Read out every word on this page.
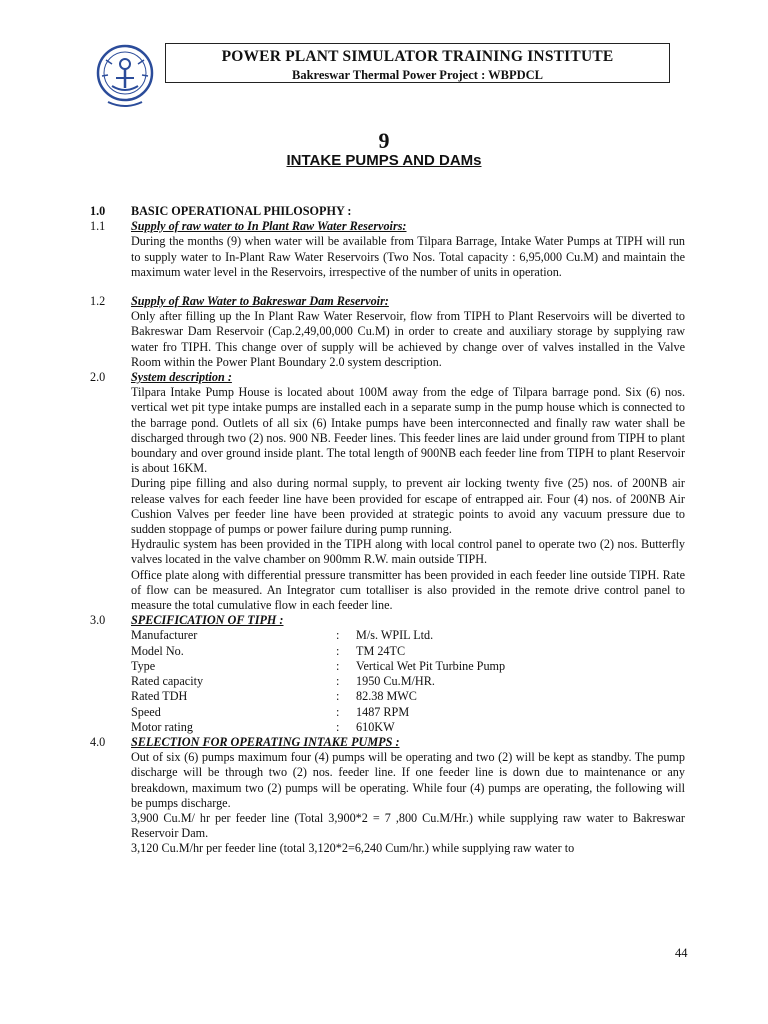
POWER PLANT SIMULATOR TRAINING INSTITUTE
Bakreswar Thermal Power Project : WBPDCL
9
INTAKE PUMPS AND DAMs
1.0	BASIC OPERATIONAL PHILOSOPHY :
1.1	Supply of raw water to In Plant Raw Water Reservoirs:
During the months (9) when water will be available from Tilpara Barrage, Intake Water Pumps at TIPH will run to supply water to In-Plant Raw Water Reservoirs (Two Nos. Total capacity : 6,95,000 Cu.M) and maintain the maximum water level in the Reservoirs, irrespective of the number of units in operation.
1.2	Supply of Raw Water to Bakreswar Dam Reservoir:
Only after filling up the In Plant Raw Water Reservoir, flow from TIPH to Plant Reservoirs will be diverted to Bakreswar Dam Reservoir (Cap.2,49,00,000 Cu.M) in order to create and auxiliary storage by supplying raw water fro TIPH. This change over of supply will be achieved by change over of valves installed in the Valve Room within the Power Plant Boundary 2.0 system description.
2.0	System description :
Tilpara Intake Pump House is located about 100M away from the edge of Tilpara barrage pond. Six (6) nos. vertical wet pit type intake pumps are installed each in a separate sump in the pump house which is connected to the barrage pond. Outlets of all six (6) Intake pumps have been interconnected and finally raw water shall be discharged through two (2) nos. 900 NB. Feeder lines. This feeder lines are laid under ground from TIPH to plant boundary and over ground inside plant. The total length of 900NB each feeder line from TIPH to plant Reservoir is about 16KM.
During pipe filling and also during normal supply, to prevent air locking twenty five (25) nos. of 200NB air release valves for each feeder line have been provided for escape of entrapped air. Four (4) nos. of 200NB Air Cushion Valves per feeder line have been provided at strategic points to avoid any vacuum pressure due to sudden stoppage of pumps or power failure during pump running.
Hydraulic system has been provided in the TIPH along with local control panel to operate two (2) nos. Butterfly valves located in the valve chamber on 900mm R.W. main outside TIPH.
Office plate along with differential pressure transmitter has been provided in each feeder line outside TIPH. Rate of flow can be measured. An Integrator cum totalliser is also provided in the remote drive control panel to measure the total cumulative flow in each feeder line.
3.0	SPECIFICATION OF TIPH :
Manufacturer	:	M/s. WPIL Ltd.
Model No.	:	TM 24TC
Type	:	Vertical Wet Pit Turbine Pump
Rated capacity	:	1950 Cu.M/HR.
Rated TDH	:	82.38 MWC
Speed	:	1487 RPM
Motor rating	:	610KW
4.0	SELECTION FOR OPERATING INTAKE PUMPS :
Out of six (6) pumps maximum four (4) pumps will be operating and two (2) will be kept as standby. The pump discharge will be through two (2) nos. feeder line. If one feeder line is down due to maintenance or any breakdown, maximum two (2) pumps will be operating. While four (4) pumps are operating, the following will be pumps discharge.
3,900 Cu.M/ hr per feeder line (Total 3,900*2 = 7 ,800 Cu.M/Hr.) while supplying raw water to Bakreswar Reservoir Dam.
3,120 Cu.M/hr per feeder line (total 3,120*2=6,240 Cum/hr.) while supplying raw water to
44
